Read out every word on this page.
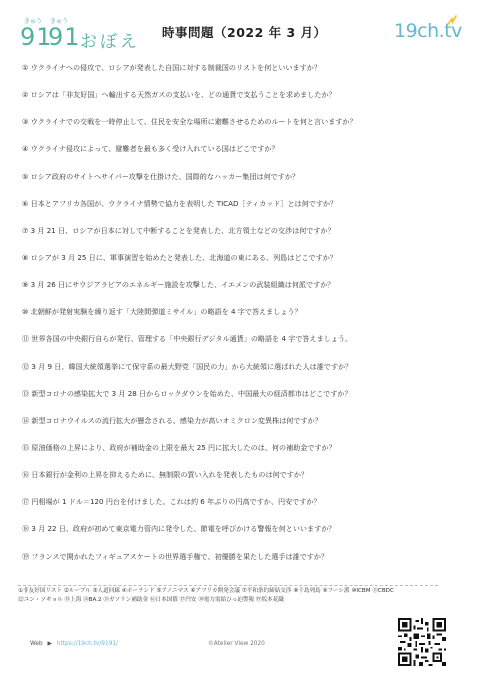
きゅう きゅう
91
91 おぼえ 時事問題（2022 年 3 月）	19ch.tv
① ウクライナへの侵攻で、ロシアが発表した自国に対する制裁国のリストを何といいますか？
② ロシアは「非友好国」へ輸出する天然ガスの支払いを、どの通貨で支払うことを求めましたか？
③ ウクライナでの交戦を一時停止して、住民を安全な場所に避難させるためのルートを何と言いますか？
④ ウクライナ侵攻によって、避難者を最も多く受け入れている国はどこですか？
⑤ ロシア政府のサイトへサイバー攻撃を仕掛けた、国際的なハッカー集団は何ですか？
⑥ 日本とアフリカ各国が、ウクライナ情勢で協力を表明した TICAD［ティカッド］とは何ですか？
⑦ 3 月 21 日、ロシアが日本に対して中断することを発表した、北方領土などの交渉は何ですか？
⑧ ロシアが 3 月 25 日に、軍事演習を始めたと発表した、北海道の東にある、列島はどこですか？
⑨ 3 月 26 日にサウジアラビアのエネルギー施設を攻撃した、イエメンの武装組織は何派ですか？
⑩ 北朝鮮が発射実験を繰り返す「大陸間弾道ミサイル」の略語を 4 字で答えましょう？
⑪ 世界各国の中央銀行自らが発行、管理する「中央銀行デジタル通貨」の略語を 4 字で答えましょう。
⑫ 3 月 9 日、韓国大統領選挙にて保守系の最大野党「国民の力」から大統領に選ばれた人は誰ですか？
⑬ 新型コロナの感染拡大で 3 月 28 日からロックダウンを始めた、中国最大の経済都市はどこですか？
⑭ 新型コロナウイルスの流行拡大が懸念される、感染力が高いオミクロン変異株は何ですか？
⑮ 原油価格の上昇により、政府が補助金の上限を最大 25 円に拡大したのは、何の補助金ですか？
⑯ 日本銀行が金利の上昇を抑えるために、無制限の買い入れを発表したものは何ですか？
⑰ 円相場が 1 ドル＝120 円台を付けました。これは約 6 年ぶりの円高ですか、円安ですか？
⑱ 3 月 22 日、政府が初めて東京電力管内に発令した、節電を呼びかける警報を何といいますか？
⑲ フランスで開かれたフィギュアスケートの世界選手権で、初優勝を果たした選手は誰ですか？
①非友好国リスト ②ルーブル ③人道回廊 ④ポーランド ⑤アノニマス ⑥アフリカ開発会議 ⑦平和条約締結交渉 ⑧千島列島 ⑨フーシ派 ⑩ICBM ⑪CBDC
⑫ユン・ソギョル ⑬上海 ⑭BA.2 ⑮ガソリン補助金 ⑯日本国債 ⑰円安 ⑱電力需給ひっ迫警報 ⑲坂本花織
Web ▶ https://19ch.tv/9191/	©Atelier View 2020
